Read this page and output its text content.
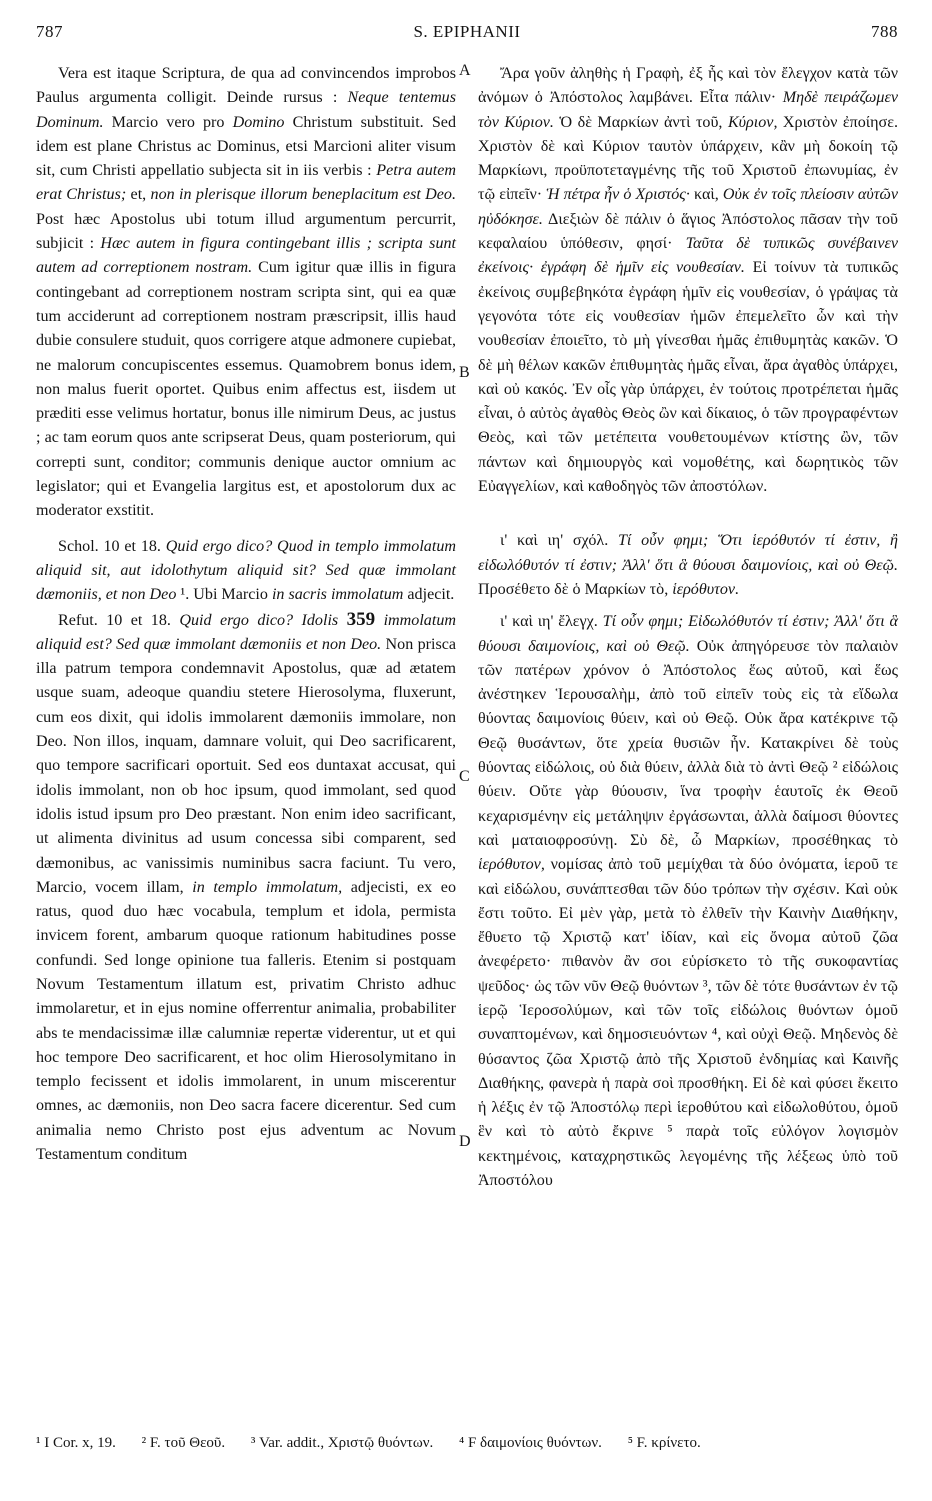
787	S. EPIPHANII	788
A
B
C
D

Vera est itaque Scriptura, de qua ad convincendos improbos Paulus argumenta colligit. Deinde rursus : Neque tentemus Dominum. Marcio vero pro Domino Christum substituit. Sed idem est plane Christus ac Dominus, etsi Marcioni aliter visum sit, cum Christi appellatio subjecta sit in iis verbis : Petra autem erat Christus; et, non in plerisque illorum beneplacitum est Deo. Post hæc Apostolus ubi totum illud argumentum percurrit, subjicit : Hæc autem in figura contingebant illis ; scripta sunt autem ad correptionem nostram. Cum igitur quæ illis in figura contingebant ad correptionem nostram scripta sint, qui ea quæ tum acciderunt ad correptionem nostram præscripsit, illis haud dubie consulere studuit, quos corrigere atque admonere cupiebat, ne malorum concupiscentes essemus. Quamobrem bonus idem, non malus fuerit oportet. Quibus enim affectus est, iisdem ut præditi esse velimus hortatur, bonus ille nimirum Deus, ac justus ; ac tam eorum quos ante scripserat Deus, quam posteriorum, qui correpti sunt, conditor; communis denique auctor omnium ac legislator; qui et Evangelia largitus est, et apostolorum dux ac moderator exstitit.

Schol. 10 et 18. Quid ergo dico? Quod in templo immolatum aliquid sit, aut idolothytum aliquid sit? Sed quæ immolant dæmoniis, et non Deo ¹. Ubi Marcio in sacris immolatum adjecit.

Refut. 10 et 18. Quid ergo dico? Idolis 359 immolatum aliquid est? Sed quæ immolant dæmoniis et non Deo. Non prisca illa patrum tempora condemnavit Apostolus, quæ ad ætatem usque suam, adeoque quandiu stetere Hierosolyma, fluxerunt, cum eos dixit, qui idolis immolarent dæmoniis immolare, non Deo. Non illos, inquam, damnare voluit, qui Deo sacrificarent, quo tempore sacrificari oportuit. Sed eos duntaxat accusat, qui idolis immolant, non ob hoc ipsum, quod immolant, sed quod idolis istud ipsum pro Deo præstant. Non enim ideo sacrificant, ut alimenta divinitus ad usum concessa sibi comparent, sed dæmonibus, ac vanissimis numinibus sacra faciunt. Tu vero, Marcio, vocem illam, in templo immolatum, adjecisti, ex eo ratus, quod duo hæc vocabula, templum et idola, permista invicem forent, ambarum quoque rationum habitudines posse confundi. Sed longe opinione tua falleris. Etenim si postquam Novum Testamentum illatum est, privatim Christo adhuc immolaretur, et in ejus nomine offerrentur animalia, probabiliter abs te mendacissimæ illæ calumniæ repertæ viderentur, ut et qui hoc tempore Deo sacrificarent, et hoc olim Hierosolymitano in templo fecissent et idolis immolarent, in unum miscerentur omnes, ac dæmoniis, non Deo sacra facere dicerentur. Sed cum animalia nemo Christo post ejus adventum ac Novum Testamentum conditum

Ἄρα γοῦν ἀληθὴς ἡ Γραφὴ, ἐξ ἧς καὶ τὸν ἔλεγχον κατὰ τῶν ἀνόμων ὁ Ἀπόστολος λαμβάνει. Εἶτα πάλιν· Μηδὲ πειράζωμεν τὸν Κύριον. Ὁ δὲ Μαρκίων ἀντὶ τοῦ, Κύριον, Χριστὸν ἐποίησε. Χριστὸν δὲ καὶ Κύριον ταυτὸν ὑπάρχειν, κἂν μὴ δοκοίη τῷ Μαρκίωνι, προϋποτεταγμένης τῆς τοῦ Χριστοῦ ἐπωνυμίας, ἐν τῷ εἰπεῖν· Ἡ πέτρα ἦν ὁ Χριστός· καὶ, Οὐκ ἐν τοῖς πλείοσιν αὐτῶν ηὐδόκησε. Διεξιὼν δὲ πάλιν ὁ ἅγιος Ἀπόστολος πᾶσαν τὴν τοῦ κεφαλαίου ὑπόθεσιν, φησί· Ταῦτα δὲ τυπικῶς συνέβαινεν ἐκείνοις· ἐγράφη δὲ ἡμῖν εἰς νουθεσίαν. Εἰ τοίνυν τὰ τυπικῶς ἐκείνοις συμβεβηκότα ἐγράφη ἡμῖν εἰς νουθεσίαν, ὁ γράψας τὰ γεγονότα τότε εἰς νουθεσίαν ἡμῶν ἐπεμελεῖτο ὧν καὶ τὴν νουθεσίαν ἐποιεῖτο, τὸ μὴ γίνεσθαι ἡμᾶς ἐπιθυμητὰς κακῶν. Ὁ δὲ μὴ θέλων κακῶν ἐπιθυμητὰς ἡμᾶς εἶναι, ἄρα ἀγαθὸς ὑπάρχει, καὶ οὐ κακός. Ἐν οἷς γὰρ ὑπάρχει, ἐν τούτοις προτρέπεται ἡμᾶς εἶναι, ὁ αὐτὸς ἀγαθὸς Θεὸς ὢν καὶ δίκαιος, ὁ τῶν προγραφέντων Θεὸς, καὶ τῶν μετέπειτα νουθετουμένων κτίστης ὢν, τῶν πάντων καὶ δημιουργὸς καὶ νομοθέτης, καὶ δωρητικὸς τῶν Εὐαγγελίων, καὶ καθοδηγὸς τῶν ἀποστόλων.

ι' καὶ ιη' σχόλ. Τί οὖν φημι; Ὅτι ἱερόθυτόν τί ἐστιν, ἢ εἰδωλόθυτόν τί ἐστιν; Ἀλλ' ὅτι ἃ θύουσι δαιμονίοις, καὶ οὐ Θεῷ. Προσέθετο δὲ ὁ Μαρκίων τὸ, ἱερόθυτον.

ι' καὶ ιη' ἔλεγχ. Τί οὖν φημι; Εἰδωλόθυτόν τί ἐστιν; Ἀλλ' ὅτι ἃ θύουσι δαιμονίοις, καὶ οὐ Θεῷ. Οὐκ ἀπηγόρευσε τὸν παλαιὸν τῶν πατέρων χρόνον ὁ Ἀπόστολος ἕως αὐτοῦ, καὶ ἕως ἀνέστηκεν Ἱερουσαλὴμ, ἀπὸ τοῦ εἰπεῖν τοὺς εἰς τὰ εἴδωλα θύοντας δαιμονίοις θύειν, καὶ οὐ Θεῷ. Οὐκ ἄρα κατέκρινε τῷ Θεῷ θυσάντων, ὅτε χρεία θυσιῶν ἦν. Κατακρίνει δὲ τοὺς θύοντας εἰδώλοις, οὐ διὰ θύειν, ἀλλὰ διὰ τὸ ἀντὶ Θεῷ ² εἰδώλοις θύειν. Οὔτε γὰρ θύουσιν, ἵνα τροφὴν ἑαυτοῖς ἐκ Θεοῦ κεχαρισμένην εἰς μετάληψιν ἐργάσωνται, ἀλλὰ δαίμοσι θύοντες καὶ ματαιοφροσύνῃ. Σὺ δὲ, ὦ Μαρκίων, προσέθηκας τὸ ἱερόθυτον, νομίσας ἀπὸ τοῦ μεμίχθαι τὰ δύο ὀνόματα, ἱεροῦ τε καὶ εἰδώλου, συνάπτεσθαι τῶν δύο τρόπων τὴν σχέσιν. Καὶ οὐκ ἔστι τοῦτο. Εἰ μὲν γὰρ, μετὰ τὸ ἐλθεῖν τὴν Καινὴν Διαθήκην, ἔθυετο τῷ Χριστῷ κατ' ἰδίαν, καὶ εἰς ὄνομα αὐτοῦ ζῶα ἀνεφέρετο· πιθανὸν ἂν σοι εὑρίσκετο τὸ τῆς συκοφαντίας ψεῦδος· ὡς τῶν νῦν Θεῷ θυόντων ³, τῶν δὲ τότε θυσάντων ἐν τῷ ἱερῷ Ἱεροσολύμων, καὶ τῶν τοῖς εἰδώλοις θυόντων ὁμοῦ συναπτομένων, καὶ δημοσιευόντων ⁴, καὶ οὐχὶ Θεῷ. Μηδενὸς δὲ θύσαντος ζῶα Χριστῷ ἀπὸ τῆς Χριστοῦ ἐνδημίας καὶ Καινῆς Διαθήκης, φανερὰ ἡ παρὰ σοὶ προσθήκη. Εἰ δὲ καὶ φύσει ἔκειτο ἡ λέξις ἐν τῷ Ἀποστόλῳ περὶ ἱεροθύτου καὶ εἰδωλοθύτου, ὁμοῦ ἓν καὶ τὸ αὐτὸ ἔκρινε ⁵ παρὰ τοῖς εὐλόγον λογισμὸν κεκτημένοις, καταχρηστικῶς λεγομένης τῆς λέξεως ὑπὸ τοῦ Ἀποστόλου

¹ I Cor. x, 19. ² F. τοῦ Θεοῦ. ³ Var. addit., Χριστῷ θυόντων. ⁴ F δαιμονίοις θυόντων. ⁵ F. κρίνετο.
